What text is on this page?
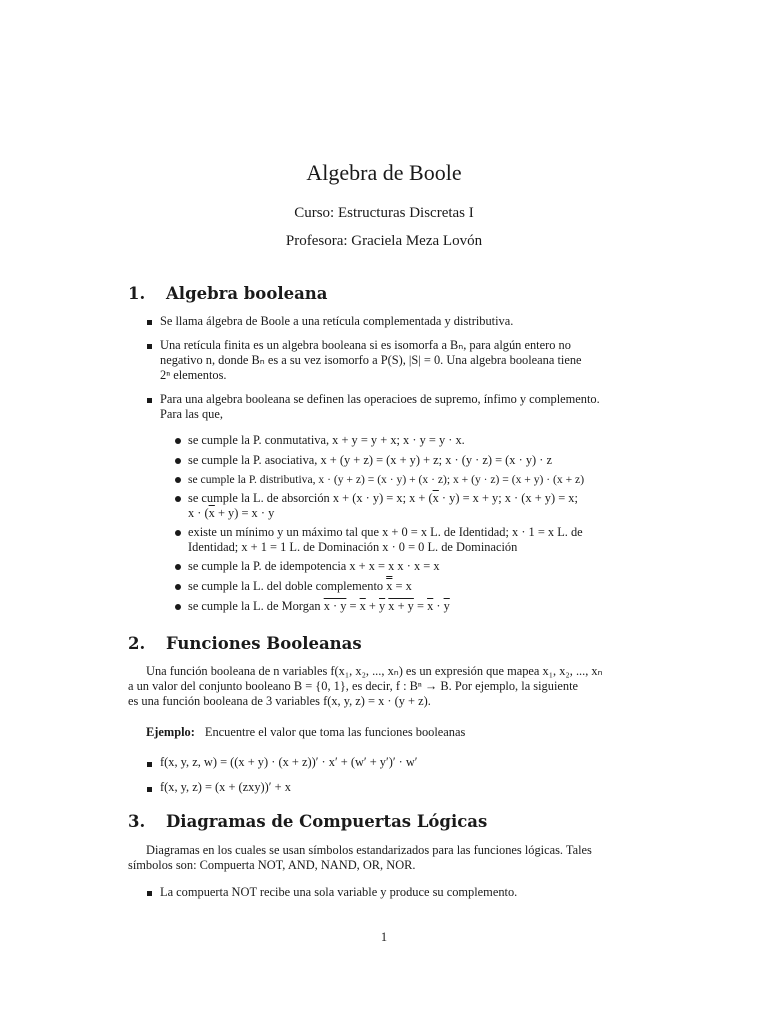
Algebra de Boole
Curso: Estructuras Discretas I
Profesora: Graciela Meza Lovón
1. Algebra booleana
Se llama álgebra de Boole a una retícula complementada y distributiva.
Una retícula finita es un algebra booleana si es isomorfa a Bₙ, para algún entero no
negativo n, donde Bₙ es a su vez isomorfo a P(S), |S| = 0. Una algebra booleana tiene
2ⁿ elementos.
Para una algebra booleana se definen las operacioes de supremo, ínfimo y complemento.
Para las que,
se cumple la P. conmutativa, x + y = y + x; x · y = y · x.
se cumple la P. asociativa, x + (y + z) = (x + y) + z; x · (y · z) = (x · y) · z
se cumple la P. distributiva, x · (y + z) = (x · y) + (x · z); x + (y · z) = (x + y) · (x + z)
se cumple la L. de absorción x + (x · y) = x; $x + (\overline{x} \cdot y) = x + y$; x · (x + y) = x;
$x \cdot (\overline{x} + y) = x \cdot y$
existe un mínimo y un máximo tal que x + 0 = x L. de Identidad; x · 1 = x L. de
Identidad; x + 1 = 1 L. de Dominación x · 0 = 0 L. de Dominación
se cumple la P. de idempotencia x + x = x x · x = x
se cumple la L. del doble complemento x = x
se cumple la L. de Morgan $x \cdot y = \overline{x} + \overline{y}$ $x + y = \overline{x} \cdot \overline{y}$
2. Funciones Booleanas
Una función booleana de n variables f(x₁, x₂, ..., xₙ) es un expresión que mapea x₁, x₂, ..., xₙ
a un valor del conjunto booleano B = {0, 1}, es decir, f : Bⁿ → B. Por ejemplo, la siguiente
es una función booleana de 3 variables f(x, y, z) = x · (y + z).
Ejemplo: Encuentre el valor que toma las funciones booleanas
f(x, y, z, w) = ((x + y) · (x + z))′ · x′ + (w′ + y′)′ · w′
f(x, y, z) = (x + (zxy))′ + x
3. Diagramas de Compuertas Lógicas
Diagramas en los cuales se usan símbolos estandarizados para las funciones lógicas. Tales
símbolos son: Compuerta NOT, AND, NAND, OR, NOR.
La compuerta NOT recibe una sola variable y produce su complemento.
1
